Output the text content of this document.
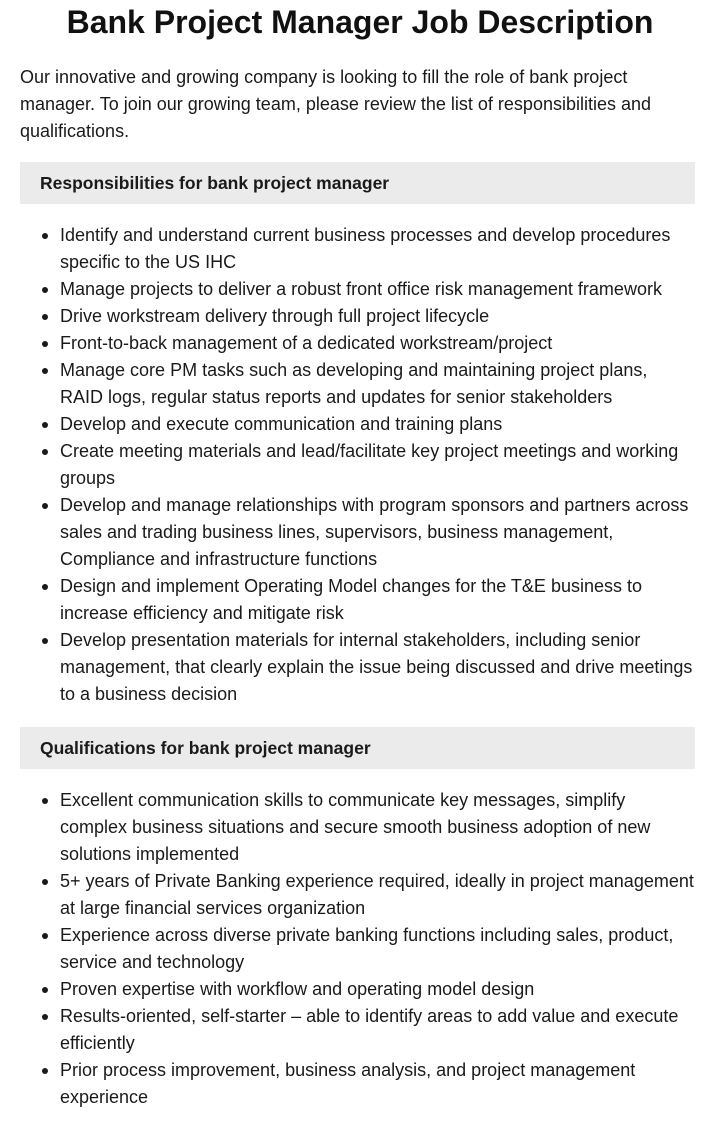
Bank Project Manager Job Description

Our innovative and growing company is looking to fill the role of bank project manager. To join our growing team, please review the list of responsibilities and qualifications.

Responsibilities for bank project manager
Identify and understand current business processes and develop procedures specific to the US IHC
Manage projects to deliver a robust front office risk management framework
Drive workstream delivery through full project lifecycle
Front-to-back management of a dedicated workstream/project
Manage core PM tasks such as developing and maintaining project plans, RAID logs, regular status reports and updates for senior stakeholders
Develop and execute communication and training plans
Create meeting materials and lead/facilitate key project meetings and working groups
Develop and manage relationships with program sponsors and partners across sales and trading business lines, supervisors, business management, Compliance and infrastructure functions
Design and implement Operating Model changes for the T&E business to increase efficiency and mitigate risk
Develop presentation materials for internal stakeholders, including senior management, that clearly explain the issue being discussed and drive meetings to a business decision
Qualifications for bank project manager
Excellent communication skills to communicate key messages, simplify complex business situations and secure smooth business adoption of new solutions implemented
5+ years of Private Banking experience required, ideally in project management at large financial services organization
Experience across diverse private banking functions including sales, product, service and technology
Proven expertise with workflow and operating model design
Results-oriented, self-starter – able to identify areas to add value and execute efficiently
Prior process improvement, business analysis, and project management experience
